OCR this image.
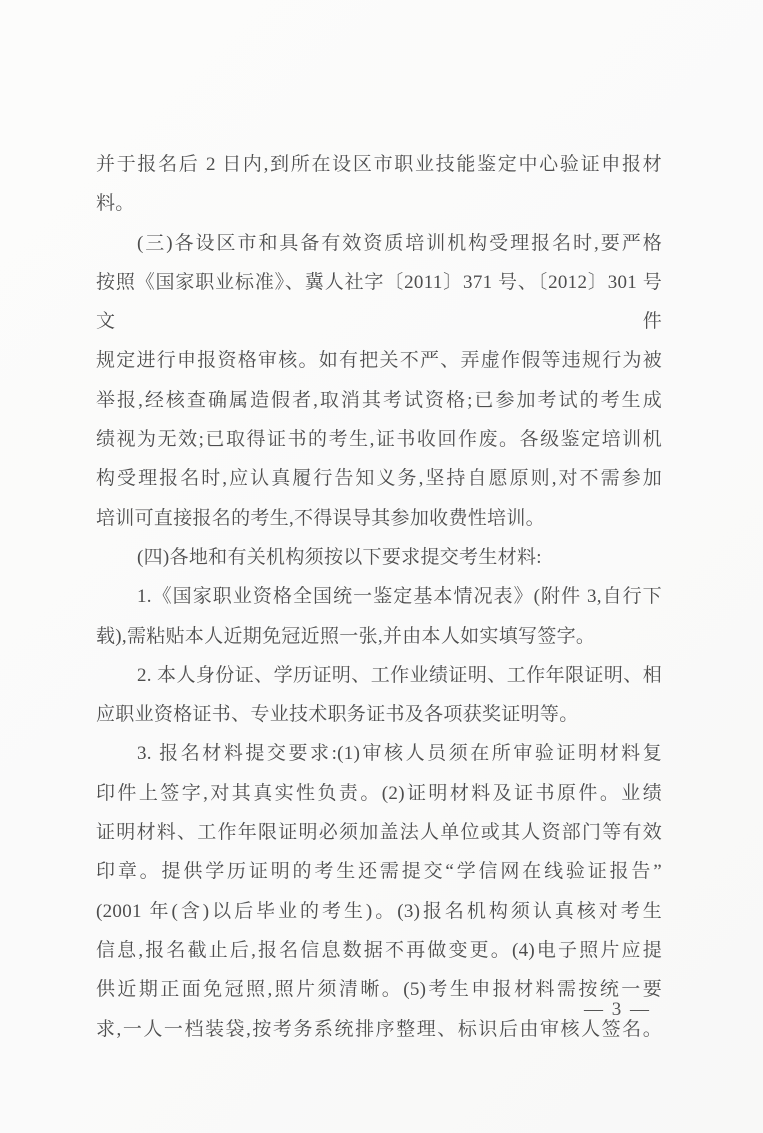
并于报名后 2 日内,到所在设区市职业技能鉴定中心验证申报材
料。
(三)各设区市和具备有效资质培训机构受理报名时,要严格
按照《国家职业标准》、冀人社字〔2011〕371 号、〔2012〕301 号文件
规定进行申报资格审核。如有把关不严、弄虚作假等违规行为被
举报,经核查确属造假者,取消其考试资格;已参加考试的考生成
绩视为无效;已取得证书的考生,证书收回作废。各级鉴定培训机
构受理报名时,应认真履行告知义务,坚持自愿原则,对不需参加
培训可直接报名的考生,不得误导其参加收费性培训。
(四)各地和有关机构须按以下要求提交考生材料:
1.《国家职业资格全国统一鉴定基本情况表》(附件 3,自行下
载),需粘贴本人近期免冠近照一张,并由本人如实填写签字。
2. 本人身份证、学历证明、工作业绩证明、工作年限证明、相
应职业资格证书、专业技术职务证书及各项获奖证明等。
3. 报名材料提交要求:(1)审核人员须在所审验证明材料复
印件上签字,对其真实性负责。(2)证明材料及证书原件。业绩
证明材料、工作年限证明必须加盖法人单位或其人资部门等有效
印章。提供学历证明的考生还需提交“学信网在线验证报告”
(2001 年(含)以后毕业的考生)。(3)报名机构须认真核对考生
信息,报名截止后,报名信息数据不再做变更。(4)电子照片应提
供近期正面免冠照,照片须清晰。(5)考生申报材料需按统一要
求,一人一档装袋,按考务系统排序整理、标识后由审核人签名。
— 3 —
